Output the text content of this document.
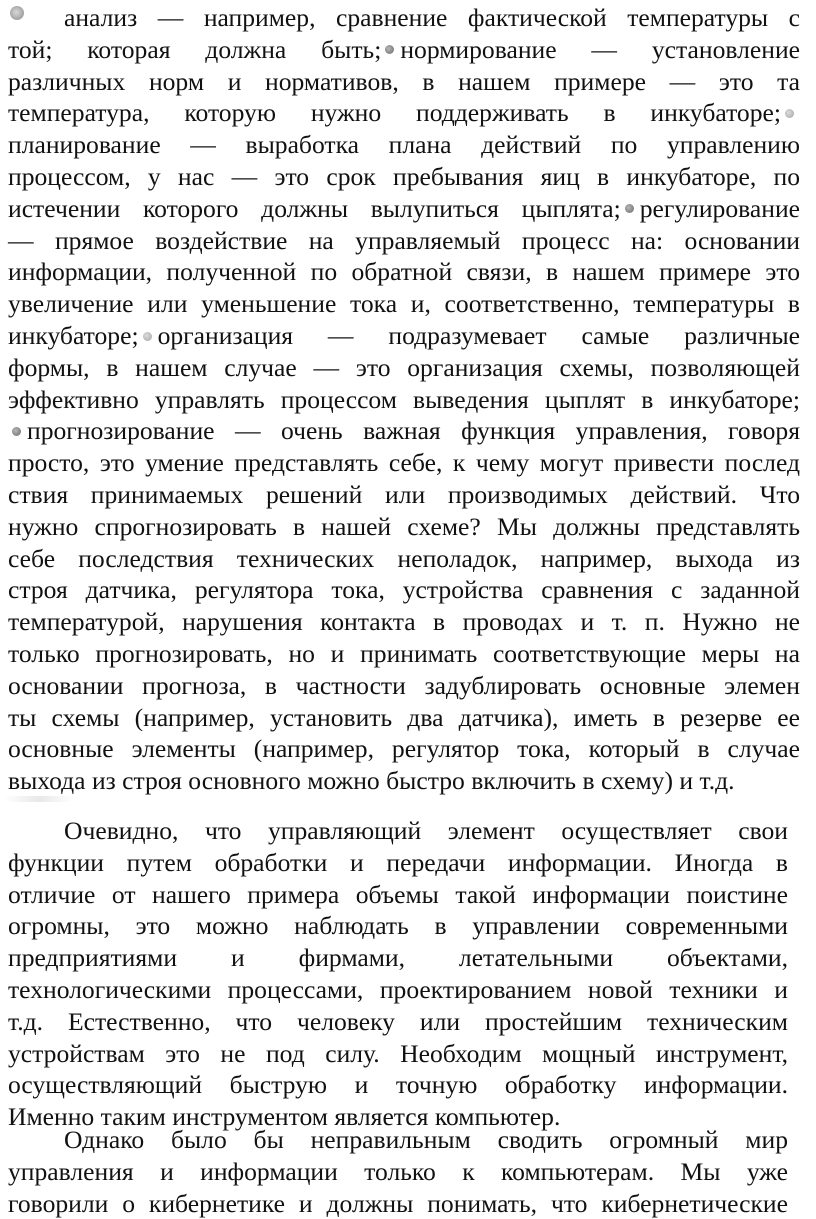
анализ — например, сравнение фактической температуры с
той; которая должна быть; нормирование — установление
различных норм и нормативов, в нашем примере — это та
температура, которую нужно поддерживать в инкубаторе;
планирование — выработка плана действий по управлению
процессом, у нас — это срок пребывания яиц в инкубаторе, по
истечении которого должны вылупиться цыплята; регулирование
— прямое воздействие на управляемый процесс на: основании
информации, полученной по обратной связи, в нашем примере это
увеличение или уменьшение тока и, соответственно, температуры в
инкубаторе; организация — подразумевает самые различные
формы, в нашем случае — это организация схемы, позволяющей
эффективно управлять процессом выведения цыплят в инкубаторе;
прогнозирование — очень важная функция управления, говоря
просто, это умение представлять себе, к чему могут привести послед
ствия принимаемых решений или производимых действий. Что
нужно спрогнозировать в нашей схеме? Мы должны представлять
себе последствия технических неполадок, например, выхода из
строя датчика, регулятора тока, устройства сравнения с заданной
температурой, нарушения контакта в проводах и т. п. Нужно не
только прогнозировать, но и принимать соответствующие меры на
основании прогноза, в частности задублировать основные элемен
ты схемы (например, установить два датчика), иметь в резерве ее
основные элементы (например, регулятор тока, который в случае
выхода из строя основного можно быстро включить в схему) и т.д.
Очевидно, что управляющий элемент осуществляет свои
функции путем обработки и передачи информации. Иногда в
отличие от нашего примера объемы такой информации поистине
огромны, это можно наблюдать в управлении современными
предприятиями и фирмами, летательными объектами,
технологическими процессами, проектированием новой техники и
т.д. Естественно, что человеку или простейшим техническим
устройствам это не под силу. Необходим мощный инструмент,
осуществляющий быструю и точную обработку информации.
Именно таким инструментом является компьютер.
Однако было бы неправильным сводить огромный мир
управления и информации только к компьютерам. Мы уже
говорили о кибернетике и должны понимать, что кибернетические
